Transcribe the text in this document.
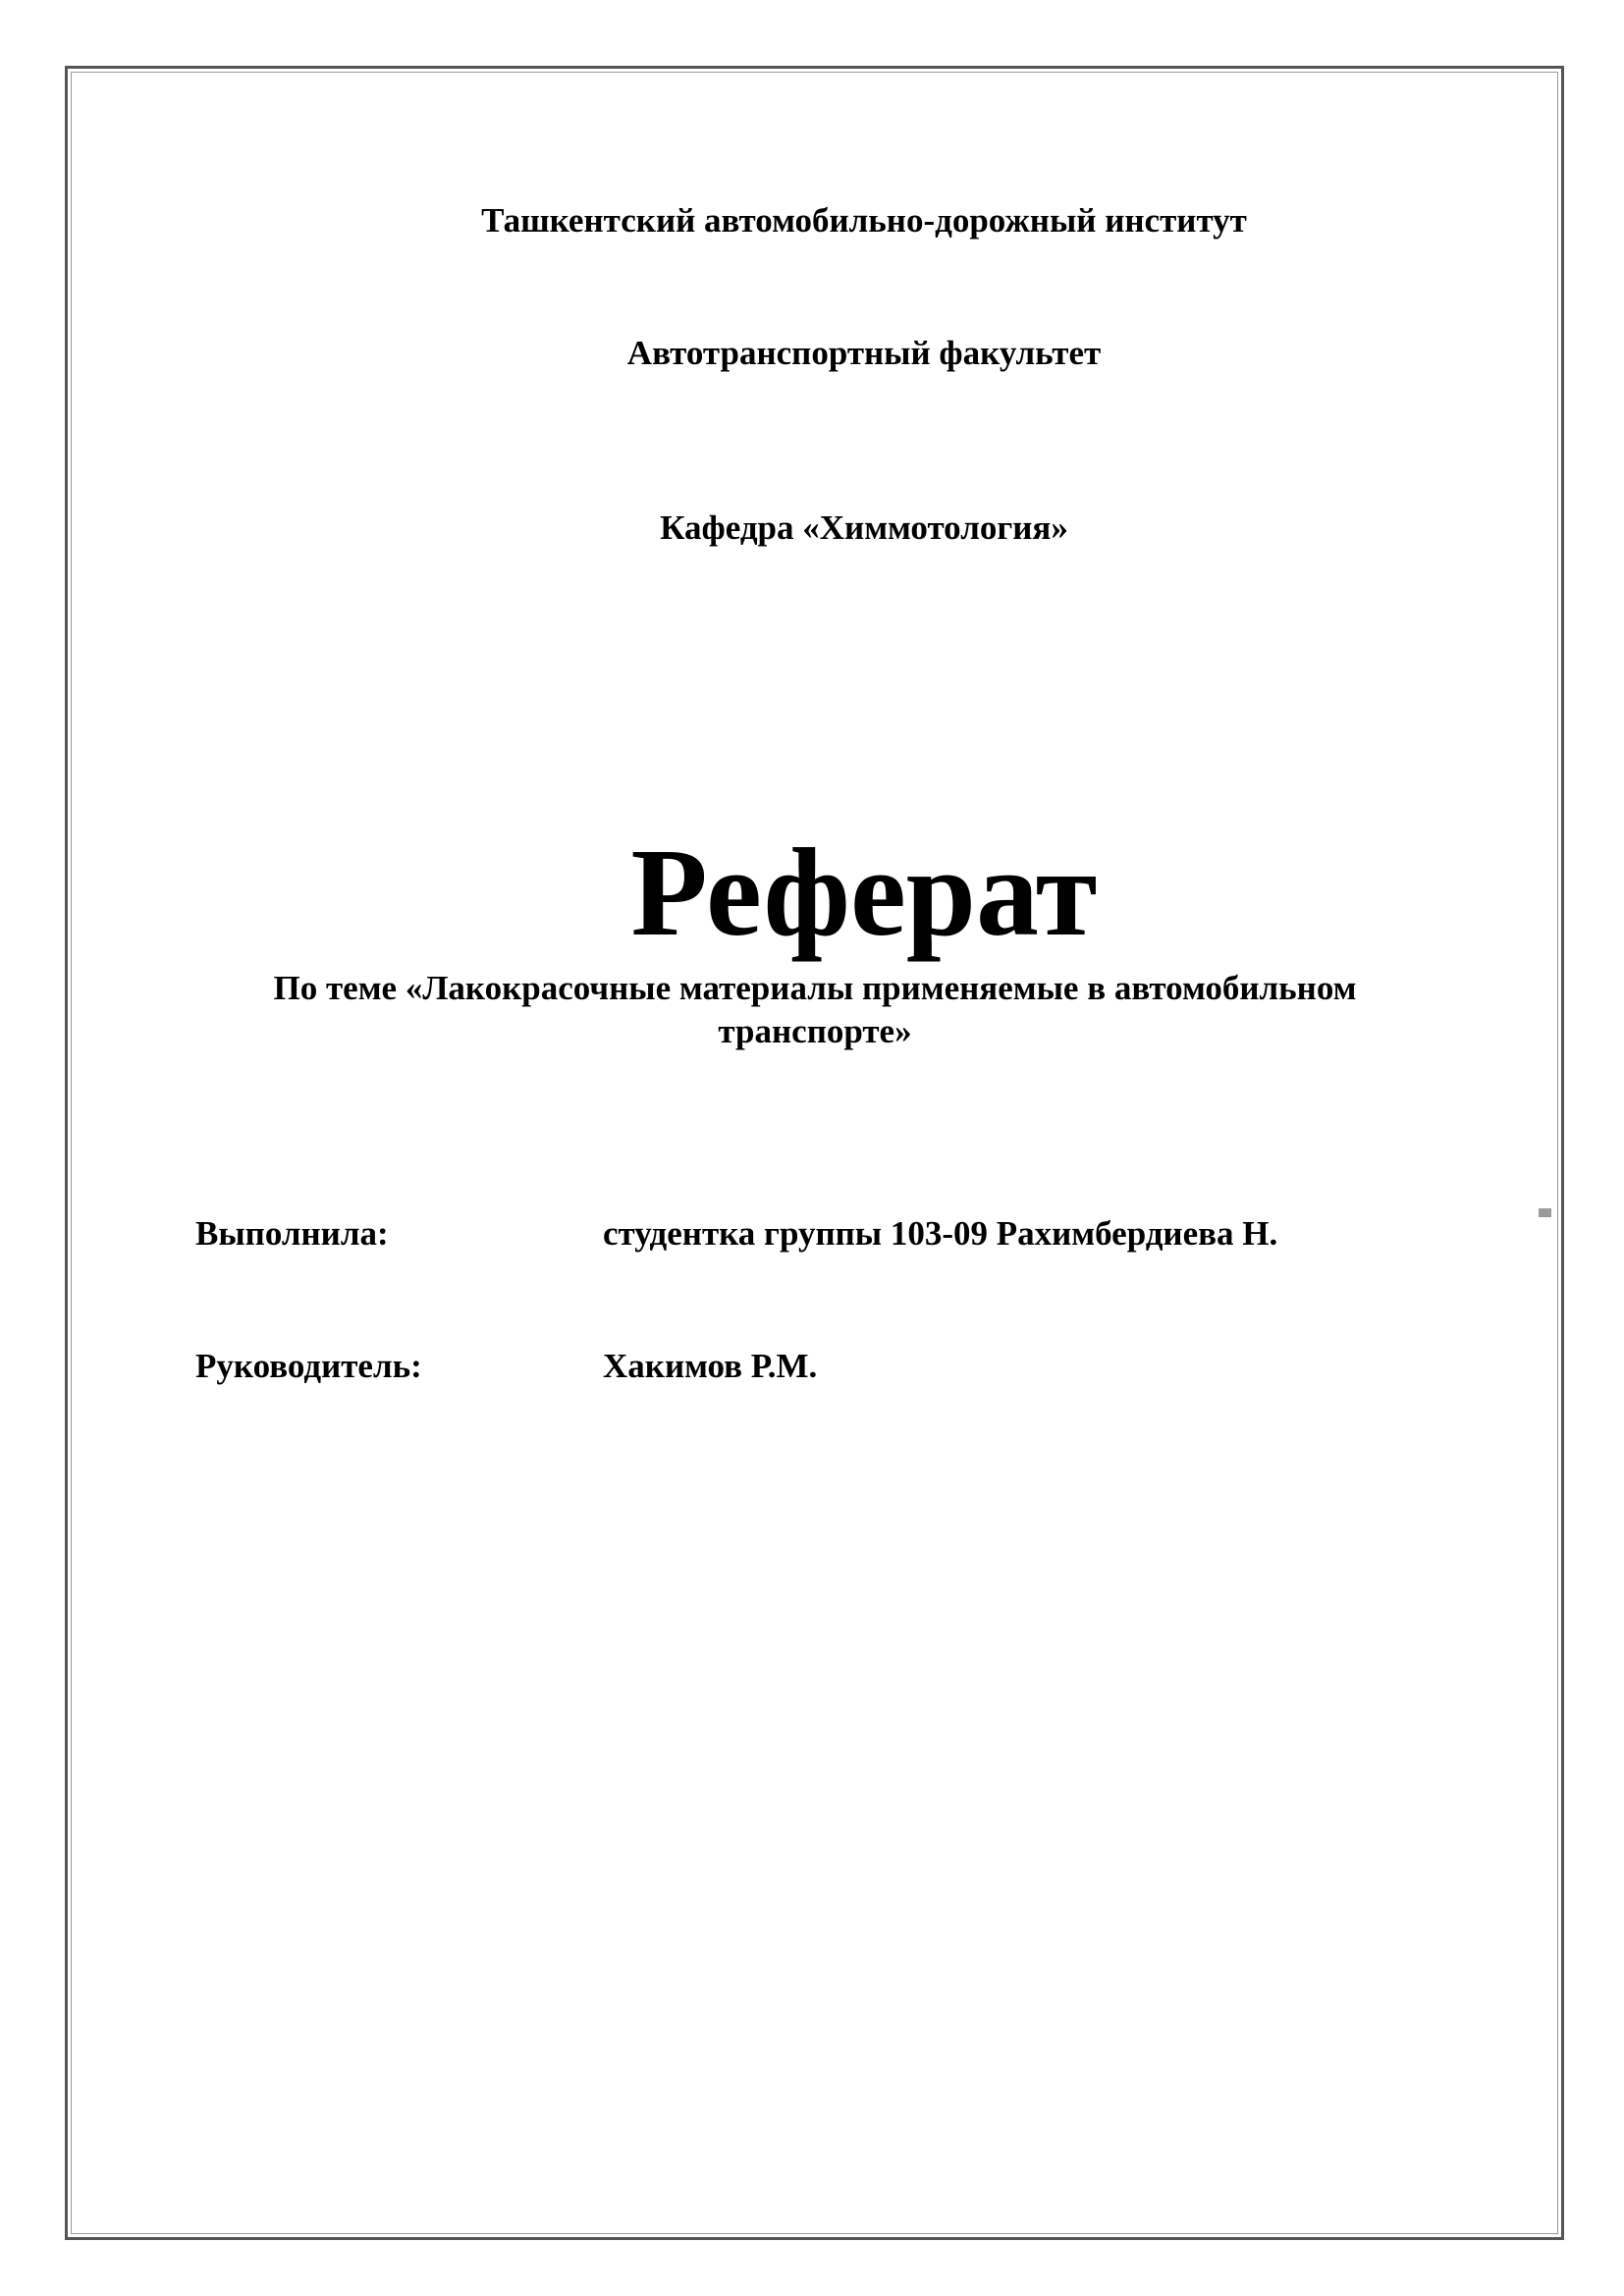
Ташкентский автомобильно-дорожный институт
Автотранспортный факультет
Кафедра «Химмотология»
Реферат
По теме «Лакокрасочные материалы применяемые в автомобильном
транспорте»
Выполнила:	студентка группы 103-09 Рахимбердиева Н.
Руководитель:	Хакимов Р.М.
